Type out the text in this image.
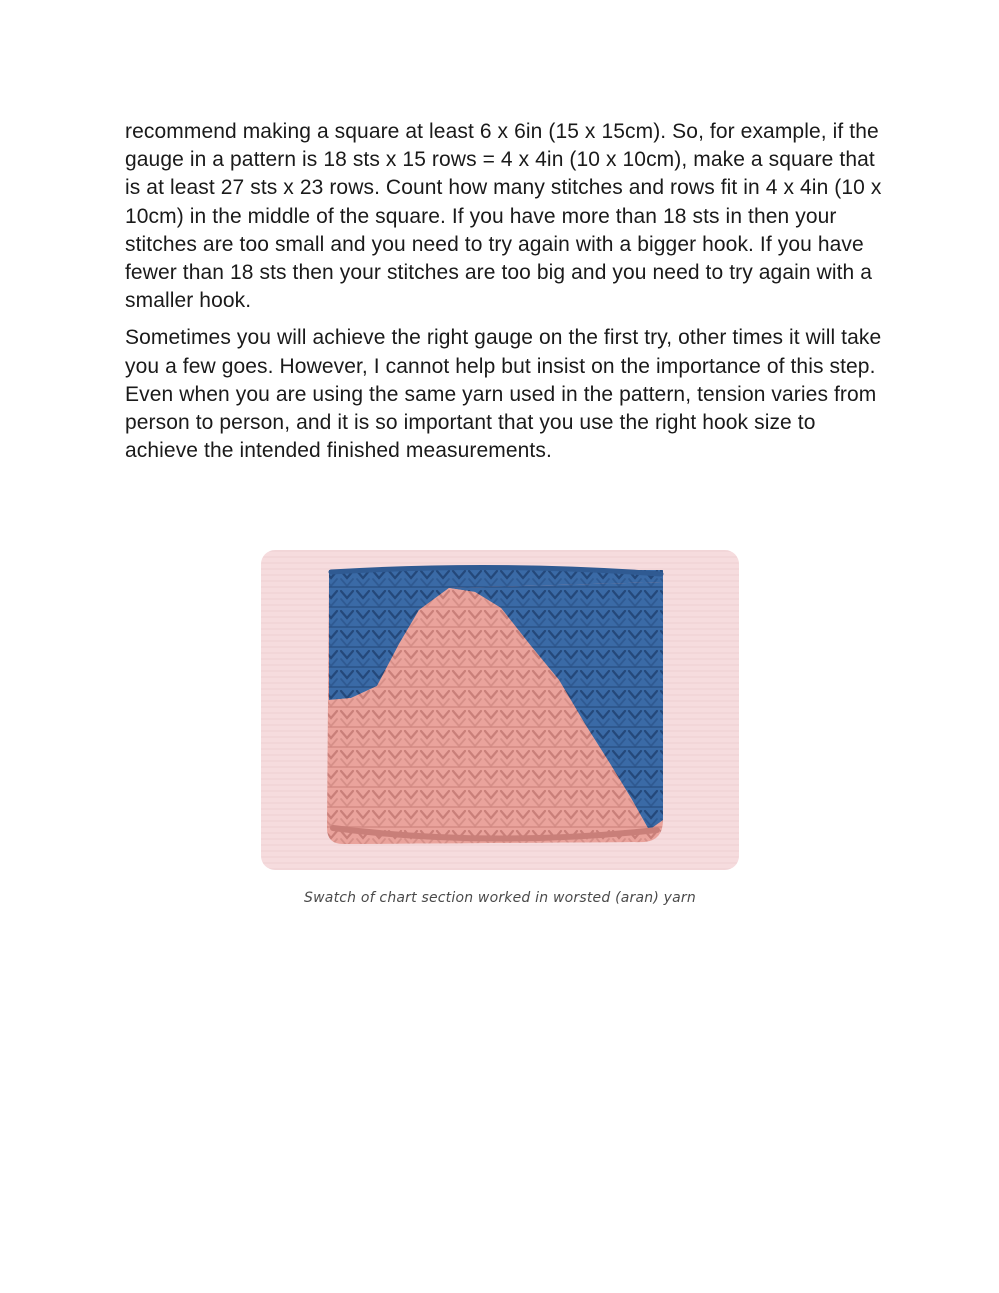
recommend making a square at least 6 x 6in (15 x 15cm). So, for example, if the gauge in a pattern is 18 sts x 15 rows = 4 x 4in (10 x 10cm), make a square that is at least 27 sts x 23 rows. Count how many stitches and rows fit in 4 x 4in (10 x 10cm) in the middle of the square. If you have more than 18 sts in then your stitches are too small and you need to try again with a bigger hook. If you have fewer than 18 sts then your stitches are too big and you need to try again with a smaller hook.

Sometimes you will achieve the right gauge on the first try, other times it will take you a few goes. However, I cannot help but insist on the importance of this step. Even when you are using the same yarn used in the pattern, tension varies from person to person, and it is so important that you use the right hook size to achieve the intended finished measurements.

Swatch of chart section worked in worsted (aran) yarn
